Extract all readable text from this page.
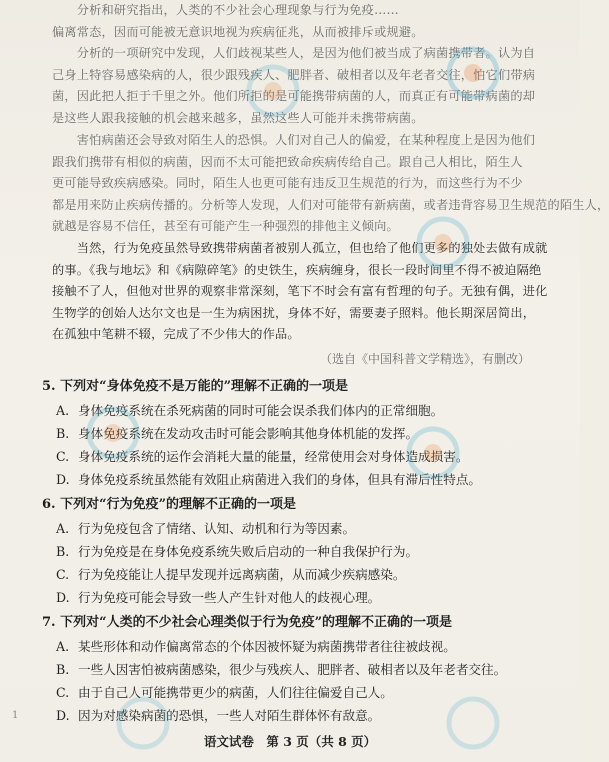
　　分析和研究指出，人类的不少社会心理现象与行为免疫……
偏离常态，因而可能被无意识地视为疾病征兆，从而被排斥或规避。
　　分析的一项研究中发现，人们歧视某些人，是因为他们被当成了病菌携带者。认为自
己身上特容易感染病的人，很少跟残疾人、肥胖者、破相者以及年老者交往，怕它们带病
菌，因此把人拒于千里之外。他们所拒的是可能携带病菌的人，而真正有可能带病菌的却
是这些人跟我接触的机会越来越多，虽然这些人可能并未携带病菌。
　　害怕病菌还会导致对陌生人的恐惧。人们对自己人的偏爱，在某种程度上是因为他们
跟我们携带有相似的病菌，因而不太可能把致命疾病传给自己。跟自己人相比，陌生人
更可能导致疾病感染。同时，陌生人也更可能有违反卫生规范的行为，而这些行为不少
都是用来防止疾病传播的。分析等人发现，人们对可能带有新病菌，或者违背容易卫生规范的陌生人，
就越是容易不信任，甚至有可能产生一种强烈的排他主义倾向。
　　当然，行为免疫虽然导致携带病菌者被别人孤立，但也给了他们更多的独处去做有成就
的事。《我与地坛》和《病隙碎笔》的史铁生，疾病缠身，很长一段时间里不得不被迫隔绝
接触不了人，但他对世界的观察非常深刻，笔下不时会有富有哲理的句子。无独有偶，进化
生物学的创始人达尔文也是一生为病困扰，身体不好，需要妻子照料。他长期深居简出，
在孤独中笔耕不辍，完成了不少伟大的作品。
（选自《中国科普文学精选》，有删改）
5. 下列对“身体免疫不是万能的”理解不正确的一项是
A. 身体免疫系统在杀死病菌的同时可能会误杀我们体内的正常细胞。
B. 身体免疫系统在发动攻击时可能会影响其他身体机能的发挥。
C. 身体免疫系统的运作会消耗大量的能量，经常使用会对身体造成损害。
D. 身体免疫系统虽然能有效阻止病菌进入我们的身体，但具有滞后性特点。
6. 下列对“行为免疫”的理解不正确的一项是
A. 行为免疫包含了情绪、认知、动机和行为等因素。
B. 行为免疫是在身体免疫系统失败后启动的一种自我保护行为。
C. 行为免疫能让人提早发现并远离病菌，从而减少疾病感染。
D. 行为免疫可能会导致一些人产生针对他人的歧视心理。
7. 下列对“人类的不少社会心理类似于行为免疫”的理解不正确的一项是
A. 某些形体和动作偏离常态的个体因被怀疑为病菌携带者往往被歧视。
B. 一些人因害怕被病菌感染，很少与残疾人、肥胖者、破相者以及年老者交往。
C. 由于自己人可能携带更少的病菌，人们往往偏爱自己人。
D. 因为对感染病菌的恐惧，一些人对陌生群体怀有敌意。
1
语文试卷　第 3 页（共 8 页）
